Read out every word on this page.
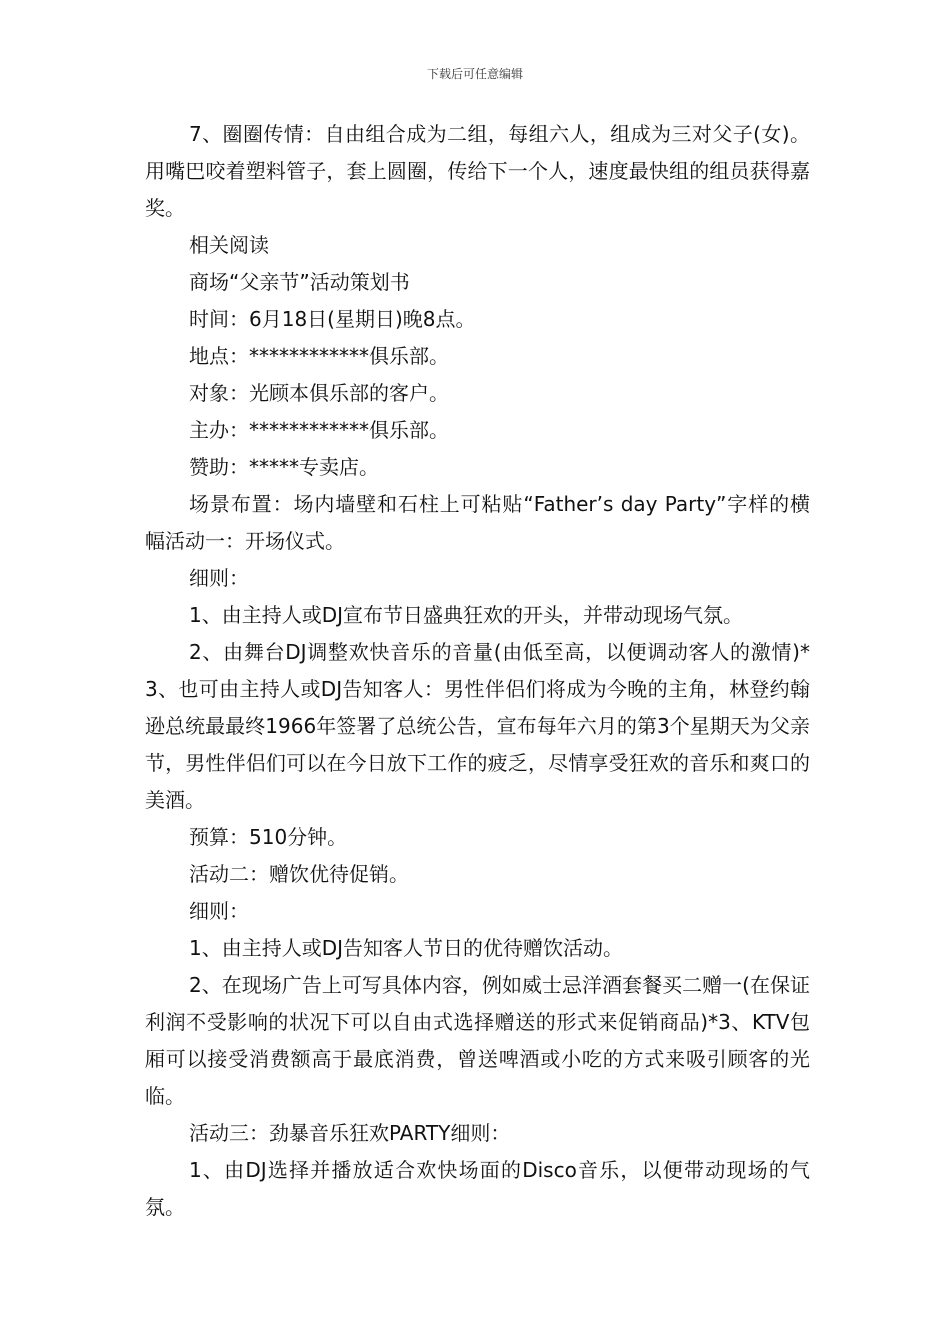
下载后可任意编辑

7、圈圈传情：自由组合成为二组，每组六人，组成为三对父子(女)。用嘴巴咬着塑料管子，套上圆圈，传给下一个人，速度最快组的组员获得嘉奖。

相关阅读

商场“父亲节”活动策划书

时间：6月18日(星期日)晚8点。

地点：************俱乐部。

对象：光顾本俱乐部的客户。

主办：************俱乐部。

赞助：*****专卖店。

场景布置：场内墙壁和石柱上可粘贴“Father’s day Party”字样的横幅活动一：开场仪式。

细则：

1、由主持人或DJ宣布节日盛典狂欢的开头，并带动现场气氛。

2、由舞台DJ调整欢快音乐的音量(由低至高，以便调动客人的激情)*3、也可由主持人或DJ告知客人：男性伴侣们将成为今晚的主角，林登约翰逊总统最最终1966年签署了总统公告，宣布每年六月的第3个星期天为父亲节，男性伴侣们可以在今日放下工作的疲乏，尽情享受狂欢的音乐和爽口的美酒。

预算：510分钟。

活动二：赠饮优待促销。

细则：

1、由主持人或DJ告知客人节日的优待赠饮活动。

2、在现场广告上可写具体内容，例如威士忌洋酒套餐买二赠一(在保证利润不受影响的状况下可以自由式选择赠送的形式来促销商品)*3、KTV包厢可以接受消费额高于最底消费，曾送啤酒或小吃的方式来吸引顾客的光临。

活动三：劲暴音乐狂欢PARTY细则：

1、由DJ选择并播放适合欢快场面的Disco音乐，以便带动现场的气氛。
